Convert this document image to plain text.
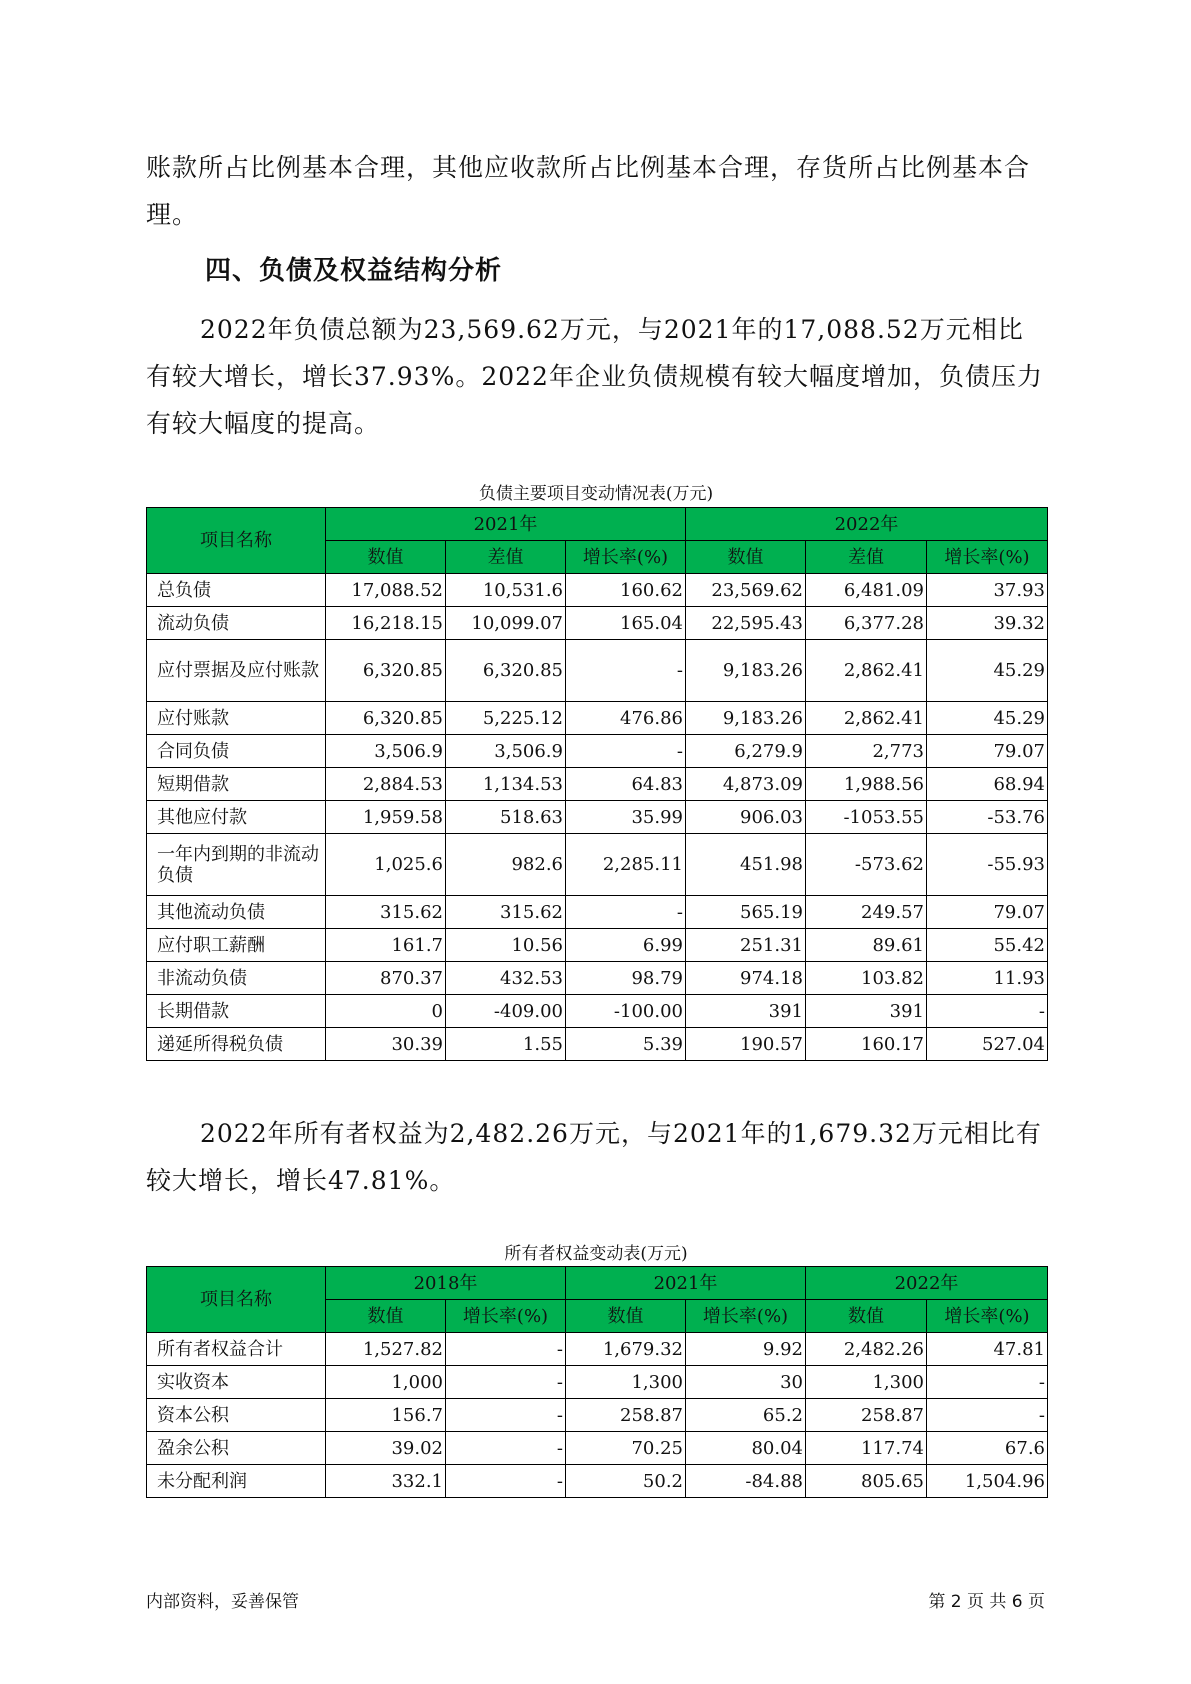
账款所占比例基本合理，其他应收款所占比例基本合理，存货所占比例基本合理。

四、负债及权益结构分析

2022年负债总额为23,569.62万元，与2021年的17,088.52万元相比有较大增长，增长37.93%。2022年企业负债规模有较大幅度增加，负债压力有较大幅度的提高。

负债主要项目变动情况表(万元)

项目名称	2021年			2022年		
	数值	差值	增长率(%)	数值	差值	增长率(%)
总负债	17,088.52	10,531.6	160.62	23,569.62	6,481.09	37.93
流动负债	16,218.15	10,099.07	165.04	22,595.43	6,377.28	39.32
应付票据及应付账款	6,320.85	6,320.85	-	9,183.26	2,862.41	45.29
应付账款	6,320.85	5,225.12	476.86	9,183.26	2,862.41	45.29
合同负债	3,506.9	3,506.9	-	6,279.9	2,773	79.07
短期借款	2,884.53	1,134.53	64.83	4,873.09	1,988.56	68.94
其他应付款	1,959.58	518.63	35.99	906.03	-1053.55	-53.76
一年内到期的非流动负债	1,025.6	982.6	2,285.11	451.98	-573.62	-55.93
其他流动负债	315.62	315.62	-	565.19	249.57	79.07
应付职工薪酬	161.7	10.56	6.99	251.31	89.61	55.42
非流动负债	870.37	432.53	98.79	974.18	103.82	11.93
长期借款	0	-409.00	-100.00	391	391	-
递延所得税负债	30.39	1.55	5.39	190.57	160.17	527.04

2022年所有者权益为2,482.26万元，与2021年的1,679.32万元相比有较大增长，增长47.81%。

所有者权益变动表(万元)

项目名称	2018年		2021年		2022年	
	数值	增长率(%)	数值	增长率(%)	数值	增长率(%)
所有者权益合计	1,527.82	-	1,679.32	9.92	2,482.26	47.81
实收资本	1,000	-	1,300	30	1,300	-
资本公积	156.7	-	258.87	65.2	258.87	-
盈余公积	39.02	-	70.25	80.04	117.74	67.6
未分配利润	332.1	-	50.2	-84.88	805.65	1,504.96

内部资料，妥善保管	第 2 页 共 6 页
